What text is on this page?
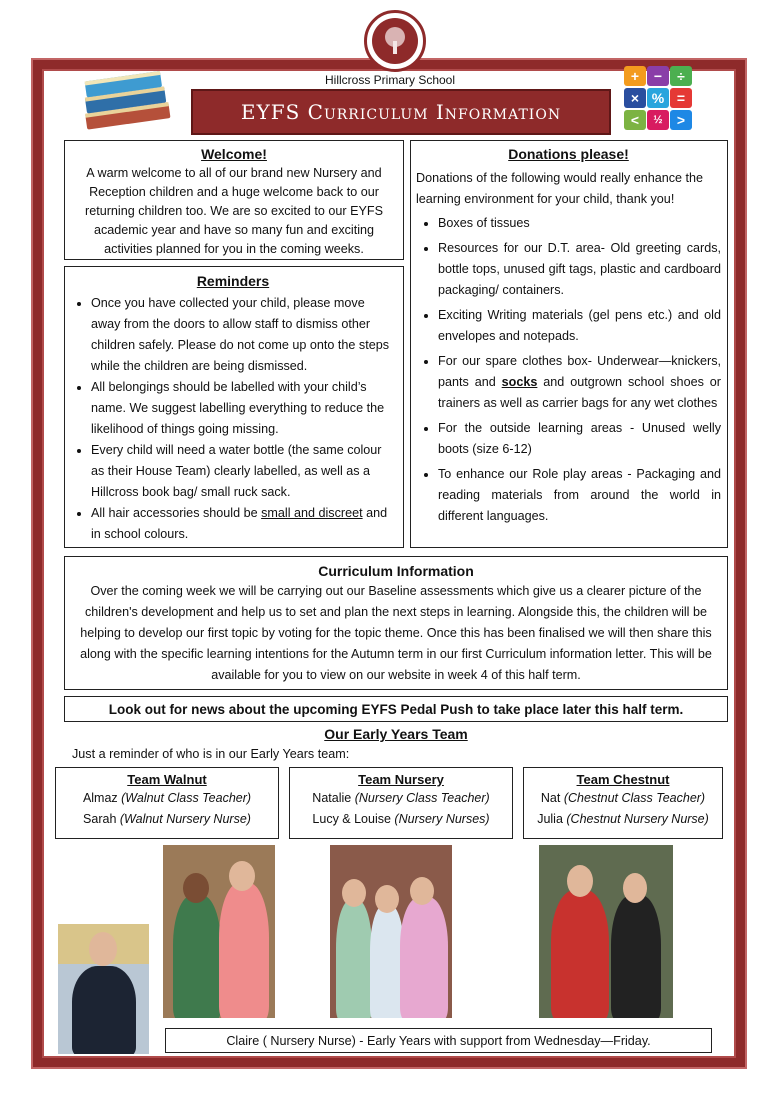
Hillcross Primary School
EYFS Curriculum Information
+	−	÷
× % =
<	½	>
Welcome!
A warm welcome to all of our brand new Nursery and Reception children and a huge welcome back to our returning children too. We are so excited to our EYFS academic year and have so many fun and exciting activities planned for you in the coming weeks.
Reminders
• Once you have collected your child, please move away from the doors to allow staff to dismiss other children safely. Please do not come up onto the steps while the children are being dismissed.
• All belongings should be labelled with your child’s name. We suggest labelling everything to reduce the likelihood of things going missing.
• Every child will need a water bottle (the same colour as their House Team) clearly labelled, as well as a Hillcross book bag/ small ruck sack.
• All hair accessories should be small and discreet and in school colours.
Donations please!
Donations of the following would really enhance the learning environment for your child, thank you!
• Boxes of tissues
• Resources for our D.T. area- Old greeting cards, bottle tops, unused gift tags, plastic and cardboard packaging/ containers.
• Exciting Writing materials (gel pens etc.) and old envelopes and notepads.
• For our spare clothes box- Underwear—knickers, pants and socks and outgrown school shoes or trainers as well as carrier bags for any wet clothes
• For the outside learning areas - Unused welly boots (size 6-12)
• To enhance our Role play areas - Packaging and reading materials from around the world in different languages.
Curriculum Information
Over the coming week we will be carrying out our Baseline assessments which give us a clearer picture of the children's development and help us to set and plan the next steps in learning. Alongside this, the children will be helping to develop our first topic by voting for the topic theme. Once this has been finalised we will then share this along with the specific learning intentions for the Autumn term in our first Curriculum information letter. This will be available for you to view on our website in week 4 of this half term.
Look out for news about the upcoming EYFS Pedal Push to take place later this half term.
Our Early Years Team
Just a reminder of who is in our Early Years team:
Team Walnut
Almaz (Walnut Class Teacher)
Sarah (Walnut Nursery Nurse)
Team Nursery
Natalie (Nursery Class Teacher)
Lucy & Louise (Nursery Nurses)
Team Chestnut
Nat (Chestnut Class Teacher)
Julia (Chestnut Nursery Nurse)
Claire ( Nursery Nurse) - Early Years with support from Wednesday—Friday.
